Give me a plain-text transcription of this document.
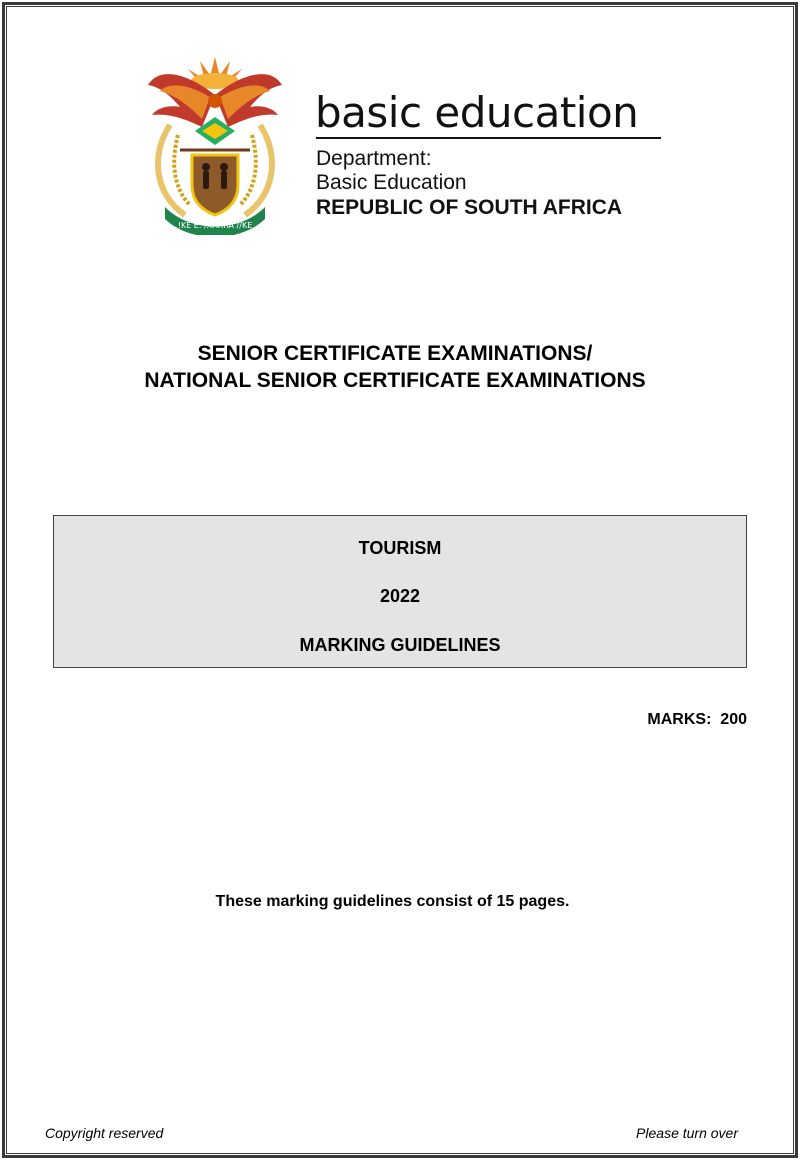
!KE E: /XARRA //KE
basic education
Department:
Basic Education
REPUBLIC OF SOUTH AFRICA
SENIOR CERTIFICATE EXAMINATIONS/
NATIONAL SENIOR CERTIFICATE EXAMINATIONS
TOURISM
2022
MARKING GUIDELINES
MARKS:  200
These marking guidelines consist of 15 pages.
Copyright reserved	Please turn over
